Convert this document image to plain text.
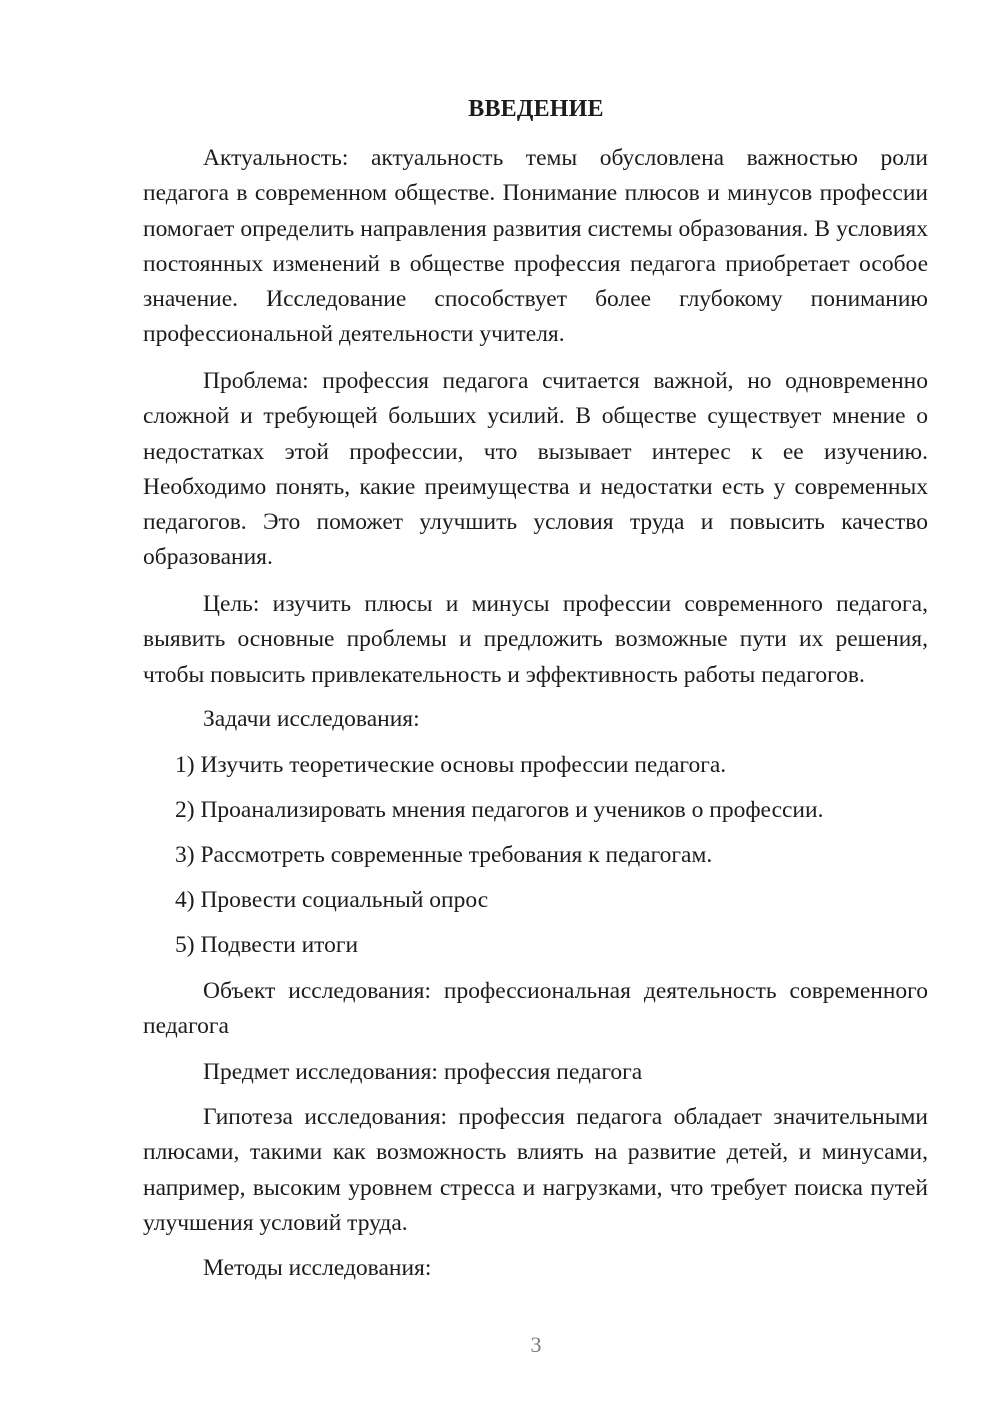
ВВЕДЕНИЕ

Актуальность: актуальность темы обусловлена важностью роли педагога в современном обществе. Понимание плюсов и минусов профессии помогает определить направления развития системы образования. В условиях постоянных изменений в обществе профессия педагога приобретает особое значение. Исследование способствует более глубокому пониманию профессиональной деятельности учителя.

Проблема: профессия педагога считается важной, но одновременно сложной и требующей больших усилий. В обществе существует мнение о недостатках этой профессии, что вызывает интерес к ее изучению. Необходимо понять, какие преимущества и недостатки есть у современных педагогов. Это поможет улучшить условия труда и повысить качество образования.

Цель: изучить плюсы и минусы профессии современного педагога, выявить основные проблемы и предложить возможные пути их решения, чтобы повысить привлекательность и эффективность работы педагогов.

Задачи исследования:
1) Изучить теоретические основы профессии педагога.
2) Проанализировать мнения педагогов и учеников о профессии.
3) Рассмотреть современные требования к педагогам.
4) Провести социальный опрос
5) Подвести итоги

Объект исследования: профессиональная деятельность современного педагога

Предмет исследования: профессия педагога

Гипотеза исследования: профессия педагога обладает значительными плюсами, такими как возможность влиять на развитие детей, и минусами, например, высоким уровнем стресса и нагрузками, что требует поиска путей улучшения условий труда.

Методы исследования:
3
